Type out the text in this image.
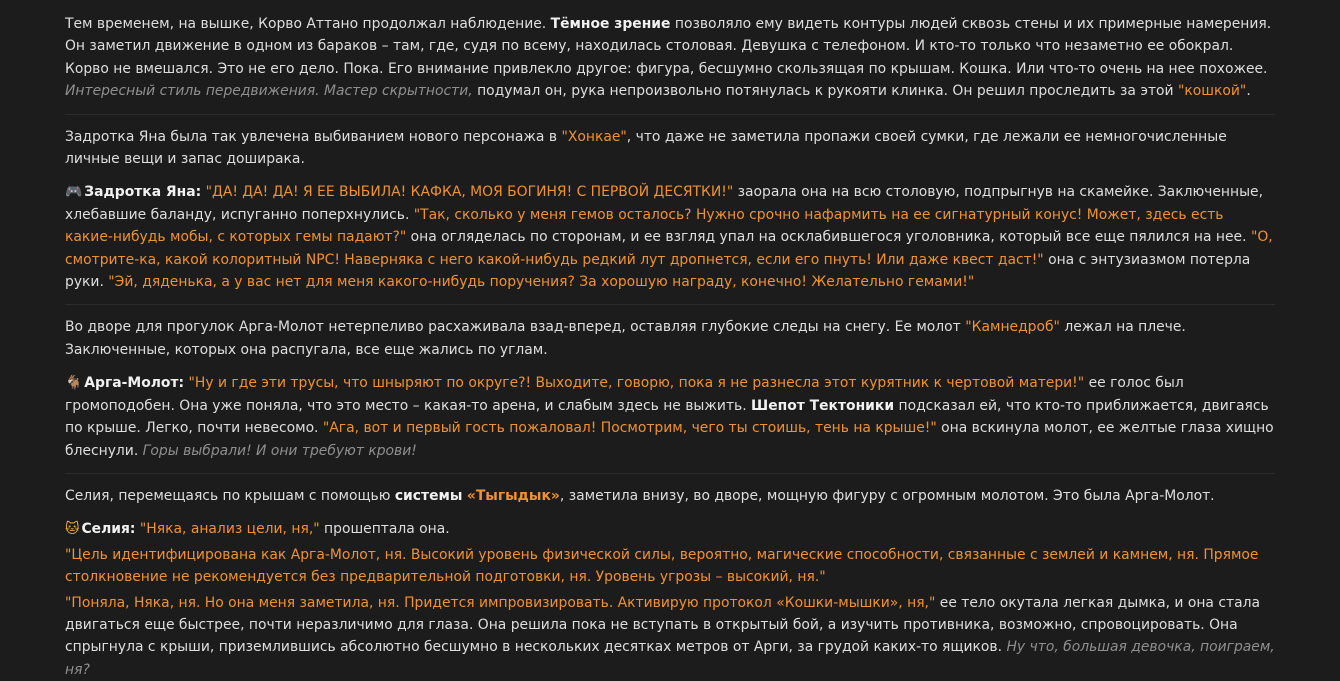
Тем временем, на вышке, Корво Аттано продолжал наблюдение. Тёмное зрение позволяло ему видеть контуры людей сквозь стены и их примерные намерения. Он заметил движение в одном из бараков – там, где, судя по всему, находилась столовая. Девушка с телефоном. И кто-то только что незаметно ее обокрал. Корво не вмешался. Это не его дело. Пока. Его внимание привлекло другое: фигура, бесшумно скользящая по крышам. Кошка. Или что-то очень на нее похожее. Интересный стиль передвижения. Мастер скрытности, подумал он, рука непроизвольно потянулась к рукояти клинка. Он решил проследить за этой "кошкой".

Задротка Яна была так увлечена выбиванием нового персонажа в "Хонкае", что даже не заметила пропажи своей сумки, где лежали ее немногочисленные личные вещи и запас доширака.

🎮 Задротка Яна: "ДА! ДА! ДА! Я ЕЕ ВЫБИЛА! КАФКА, МОЯ БОГИНЯ! С ПЕРВОЙ ДЕСЯТКИ!" заорала она на всю столовую, подпрыгнув на скамейке. Заключенные, хлебавшие баланду, испуганно поперхнулись. "Так, сколько у меня гемов осталось? Нужно срочно нафармить на ее сигнатурный конус! Может, здесь есть какие-нибудь мобы, с которых гемы падают?" она огляделась по сторонам, и ее взгляд упал на осклабившегося уголовника, который все еще пялился на нее. "О, смотрите-ка, какой колоритный NPC! Наверняка с него какой-нибудь редкий лут дропнется, если его пнуть! Или даже квест даст!" она с энтузиазмом потерла руки. "Эй, дяденька, а у вас нет для меня какого-нибудь поручения? За хорошую награду, конечно! Желательно гемами!"

Во дворе для прогулок Арга-Молот нетерпеливо расхаживала взад-вперед, оставляя глубокие следы на снегу. Ее молот "Камнедроб" лежал на плече. Заключенные, которых она распугала, все еще жались по углам.

🐐 Арга-Молот: "Ну и где эти трусы, что шныряют по округе?! Выходите, говорю, пока я не разнесла этот курятник к чертовой матери!" ее голос был громоподобен. Она уже поняла, что это место – какая-то арена, и слабым здесь не выжить. Шепот Тектоники подсказал ей, что кто-то приближается, двигаясь по крыше. Легко, почти невесомо. "Ага, вот и первый гость пожаловал! Посмотрим, чего ты стоишь, тень на крыше!" она вскинула молот, ее желтые глаза хищно блеснули. Горы выбрали! И они требуют крови!

Селия, перемещаясь по крышам с помощью системы «Тыгыдык», заметила внизу, во дворе, мощную фигуру с огромным молотом. Это была Арга-Молот.

🐱 Селия: "Няка, анализ цели, ня," прошептала она.

"Цель идентифицирована как Арга-Молот, ня. Высокий уровень физической силы, вероятно, магические способности, связанные с землей и камнем, ня. Прямое столкновение не рекомендуется без предварительной подготовки, ня. Уровень угрозы – высокий, ня."

"Поняла, Няка, ня. Но она меня заметила, ня. Придется импровизировать. Активирую протокол «Кошки-мышки», ня," ее тело окутала легкая дымка, и она стала двигаться еще быстрее, почти неразличимо для глаза. Она решила пока не вступать в открытый бой, а изучить противника, возможно, спровоцировать. Она спрыгнула с крыши, приземлившись абсолютно бесшумно в нескольких десятках метров от Арги, за грудой каких-то ящиков. Ну что, большая девочка, поиграем, ня?
